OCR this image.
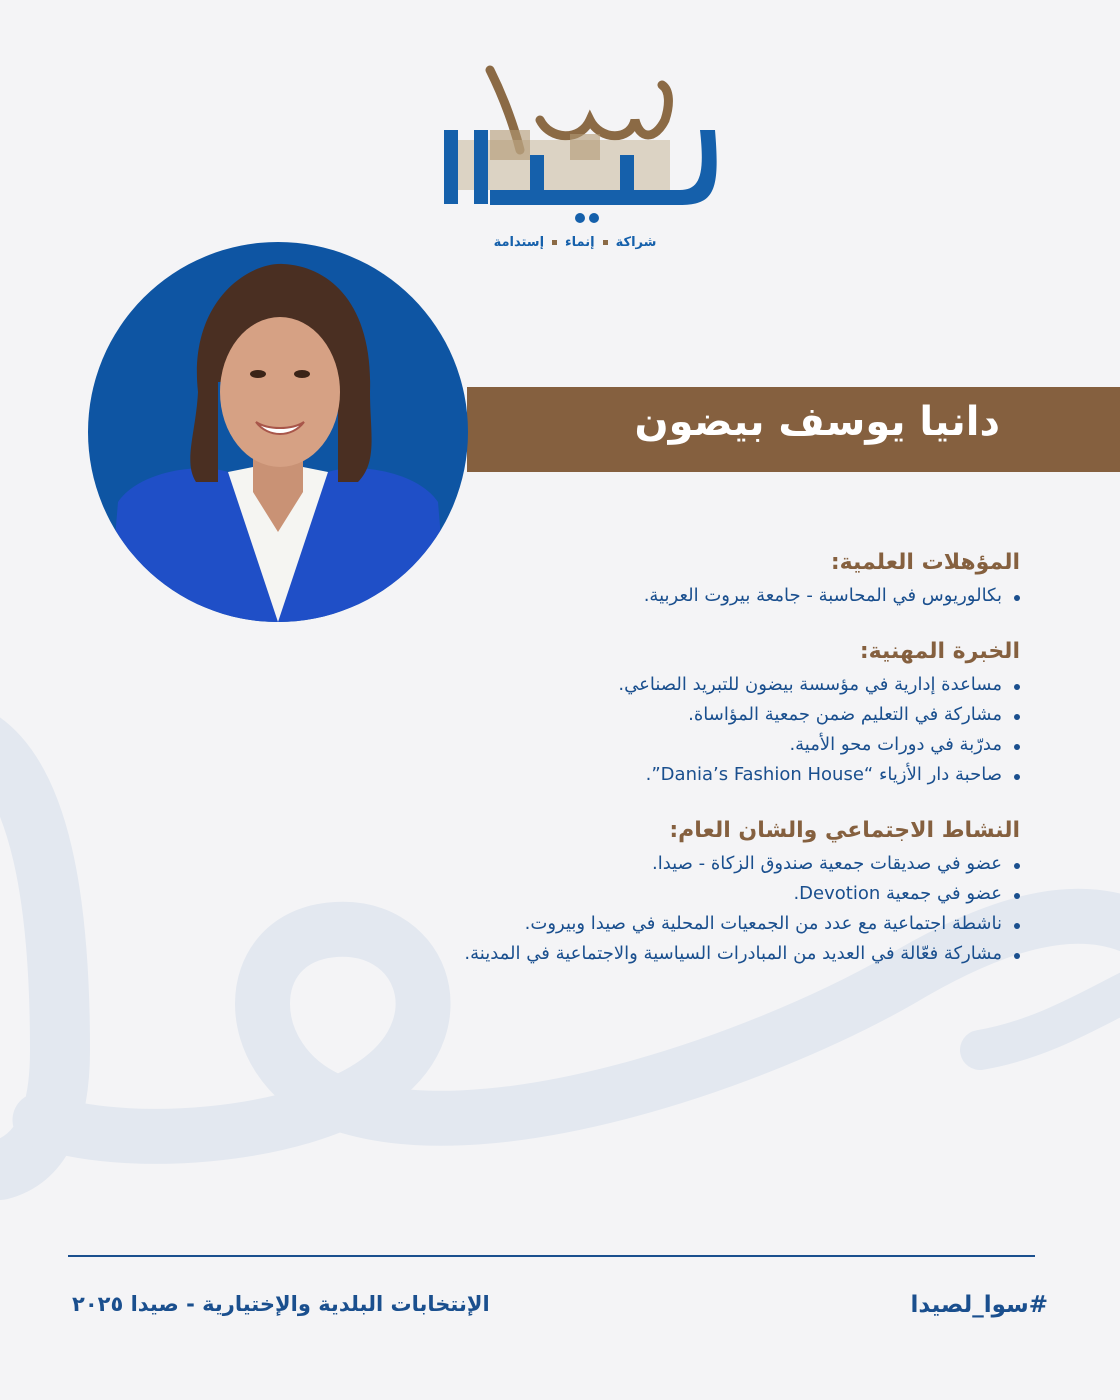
شراكةإنماءإستدامة
دانيا يوسف بيضون
المؤهلات العلمية:
بكالوريوس في المحاسبة - جامعة بيروت العربية.
الخبرة المهنية:
مساعدة إدارية في مؤسسة بيضون للتبريد الصناعي.
مشاركة في التعليم ضمن جمعية المؤاساة.
مدرّبة في دورات محو الأمية.
صاحبة دار الأزياء “Dania’s Fashion House”.
النشاط الاجتماعي والشان العام:
عضو في صديقات جمعية صندوق الزكاة - صيدا.
عضو في جمعية Devotion.
ناشطة اجتماعية مع عدد من الجمعيات المحلية في صيدا وبيروت.
مشاركة فعّالة في العديد من المبادرات السياسية والاجتماعية في المدينة.
الإنتخابات البلدية والإختيارية - صيدا ٢٠٢٥	#سوا_لصيدا
